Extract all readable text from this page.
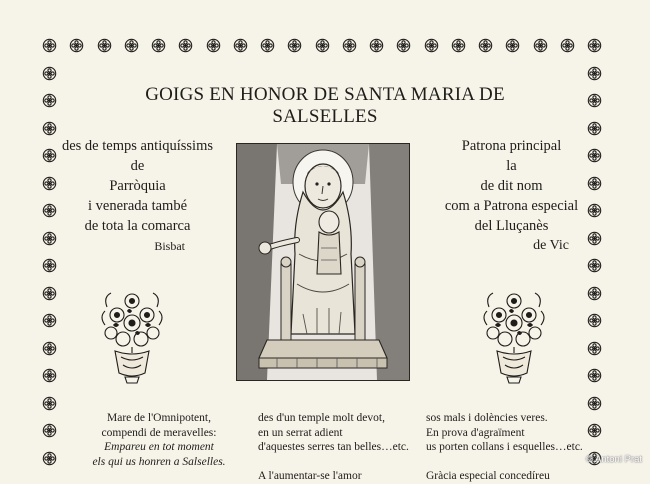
GOIGS EN HONOR DE SANTA MARIA DE SALSELLES
des de temps antiquíssims
de
Parròquia
i venerada també
de tota la comarca
Bisbat
Patrona principal
la
de dit nom
com a Patrona especial
del Lluçanès
de Vic
Mare de l'Omnipotent,
compendi de meravelles:
Empareu en tot moment
els qui us honren a Salselles.
des d'un temple molt devot,
en un serrat adient
d'aquestes serres tan belles…etc.

A l'aumentar-se l'amor
sos mals i dolències veres.
En prova d'agraïment
us porten collans i esquelles…etc.

Gràcia especial concedíreu
© Antoni Prat
